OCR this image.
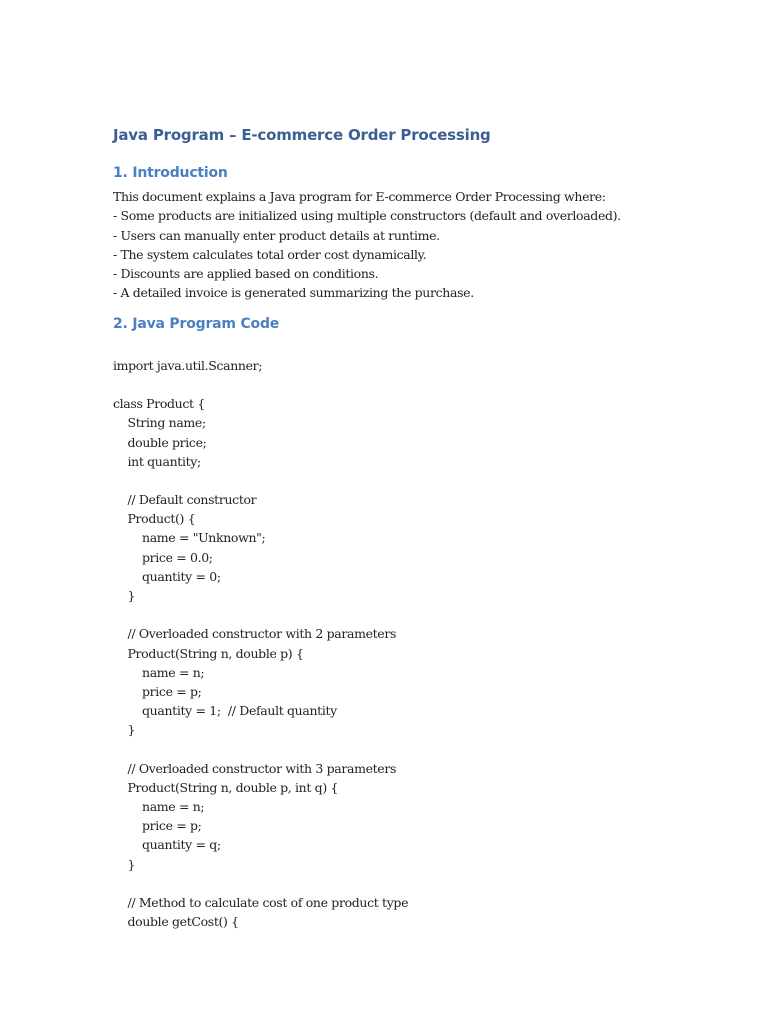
Java Program – E-commerce Order Processing
1. Introduction
This document explains a Java program for E-commerce Order Processing where:
- Some products are initialized using multiple constructors (default and overloaded).
- Users can manually enter product details at runtime.
- The system calculates total order cost dynamically.
- Discounts are applied based on conditions.
- A detailed invoice is generated summarizing the purchase.
2. Java Program Code
import java.util.Scanner;
class Product {
String name;
double price;
int quantity;
// Default constructor
Product() {
name = "Unknown";
price = 0.0;
quantity = 0;
}
// Overloaded constructor with 2 parameters
Product(String n, double p) {
name = n;
price = p;
quantity = 1;  // Default quantity
}
// Overloaded constructor with 3 parameters
Product(String n, double p, int q) {
name = n;
price = p;
quantity = q;
}
// Method to calculate cost of one product type
double getCost() {
